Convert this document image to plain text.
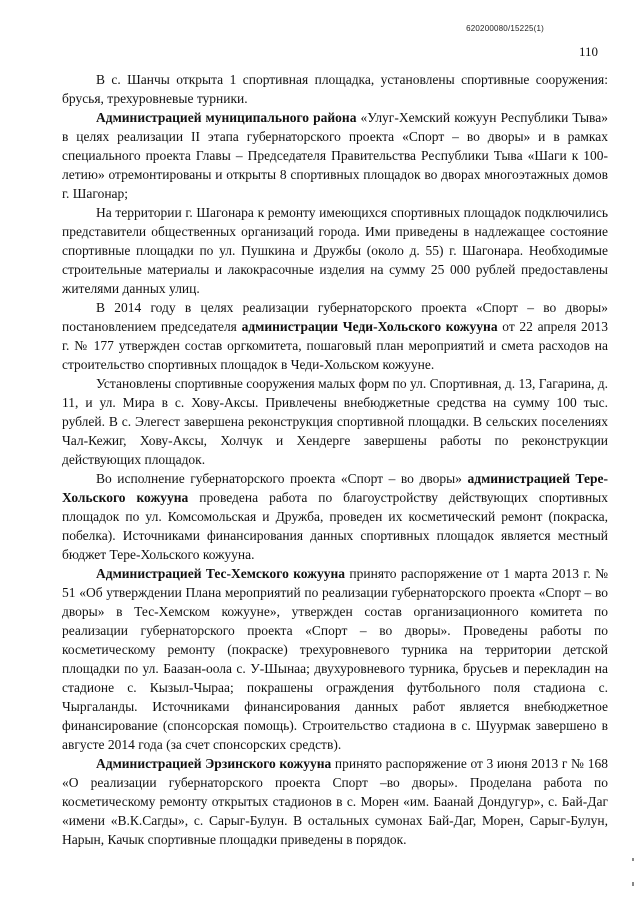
620200080/15225(1)
110

В с. Шанчы открыта 1 спортивная площадка, установлены спортивные сооружения: брусья, трехуровневые турники.

Администрацией муниципального района «Улуг-Хемский кожуун Республики Тыва» в целях реализации II этапа губернаторского проекта «Спорт – во дворы» и в рамках специального проекта Главы – Председателя Правительства Республики Тыва «Шаги к 100-летию» отремонтированы и открыты 8 спортивных площадок во дворах многоэтажных домов г. Шагонар;

На территории г. Шагонара к ремонту имеющихся спортивных площадок подключились представители общественных организаций города. Ими приведены в надлежащее состояние спортивные площадки по ул. Пушкина и Дружбы (около д. 55) г. Шагонара. Необходимые строительные материалы и лакокрасочные изделия на сумму 25 000 рублей предоставлены жителями данных улиц.

В 2014 году в целях реализации губернаторского проекта «Спорт – во дворы» постановлением председателя администрации Чеди-Хольского кожууна от 22 апреля 2013 г. № 177 утвержден состав оргкомитета, пошаговый план мероприятий и смета расходов на строительство спортивных площадок в Чеди-Хольском кожууне.

Установлены спортивные сооружения малых форм по ул. Спортивная, д. 13, Гагарина, д. 11, и ул. Мира в с. Хову-Аксы. Привлечены внебюджетные средства на сумму 100 тыс. рублей. В с. Элегест завершена реконструкция спортивной площадки. В сельских поселениях Чал-Кежиг, Хову-Аксы, Холчук и Хендерге завершены работы по реконструкции действующих площадок.

Во исполнение губернаторского проекта «Спорт – во дворы» администрацией Тере-Хольского кожууна проведена работа по благоустройству действующих спортивных площадок по ул. Комсомольская и Дружба, проведен их косметический ремонт (покраска, побелка). Источниками финансирования данных спортивных площадок является местный бюджет Тере-Хольского кожууна.

Администрацией Тес-Хемского кожууна принято распоряжение от 1 марта 2013 г. № 51 «Об утверждении Плана мероприятий по реализации губернаторского проекта «Спорт – во дворы» в Тес-Хемском кожууне», утвержден состав организационного комитета по реализации губернаторского проекта «Спорт – во дворы». Проведены работы по косметическому ремонту (покраске) трехуровневого турника на территории детской площадки по ул. Баазан-оола с. У-Шынаа; двухуровневого турника, брусьев и перекладин на стадионе с. Кызыл-Чыраа; покрашены ограждения футбольного поля стадиона с. Чыргаланды. Источниками финансирования данных работ является внебюджетное финансирование (спонсорская помощь). Строительство стадиона в с. Шуурмак завершено в августе 2014 года (за счет спонсорских средств).

Администрацией Эрзинского кожууна принято распоряжение от 3 июня 2013 г № 168 «О реализации губернаторского проекта Спорт –во дворы». Проделана работа по косметическому ремонту открытых стадионов в с. Морен «им. Баанай Дондугур», с. Бай-Даг «имени «В.К.Сагды», с. Сарыг-Булун. В остальных сумонах Бай-Даг, Морен, Сарыг-Булун, Нарын, Качык спортивные площадки приведены в порядок.
